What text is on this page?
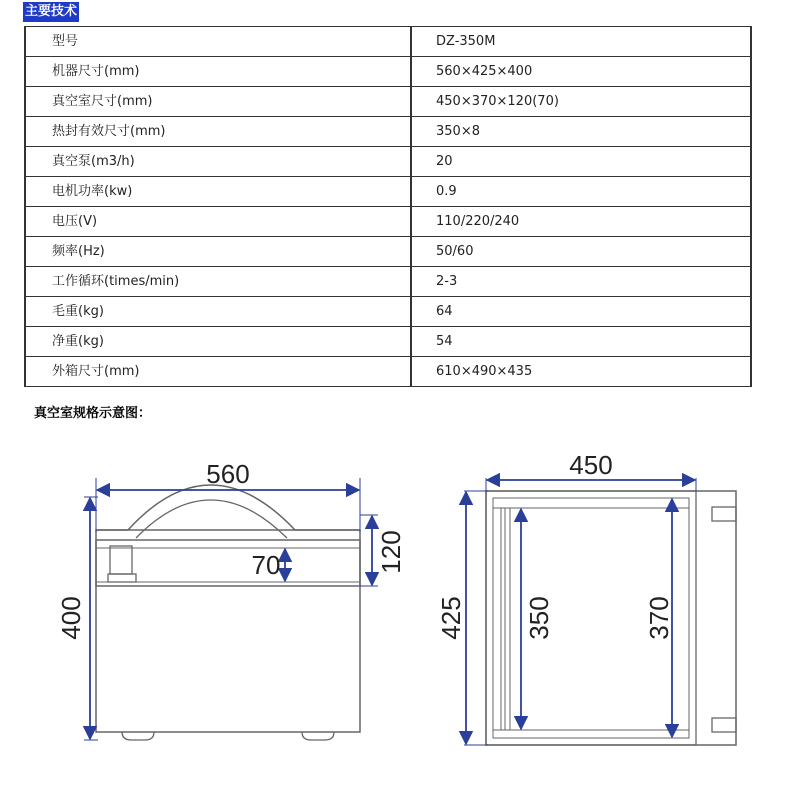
主要技术
型号	DZ-350M
机器尺寸(mm)	560×425×400
真空室尺寸(mm)	450×370×120(70)
热封有效尺寸(mm)	350×8
真空泵(m3/h)	20
电机功率(kw)	0.9
电压(V)	110/220/240
频率(Hz)	50/60
工作循环(times/min)	2-3
毛重(kg)	64
净重(kg)	54
外箱尺寸(mm)	610×490×435
真空室规格示意图：
560
400
120
70
450
425 350	370
